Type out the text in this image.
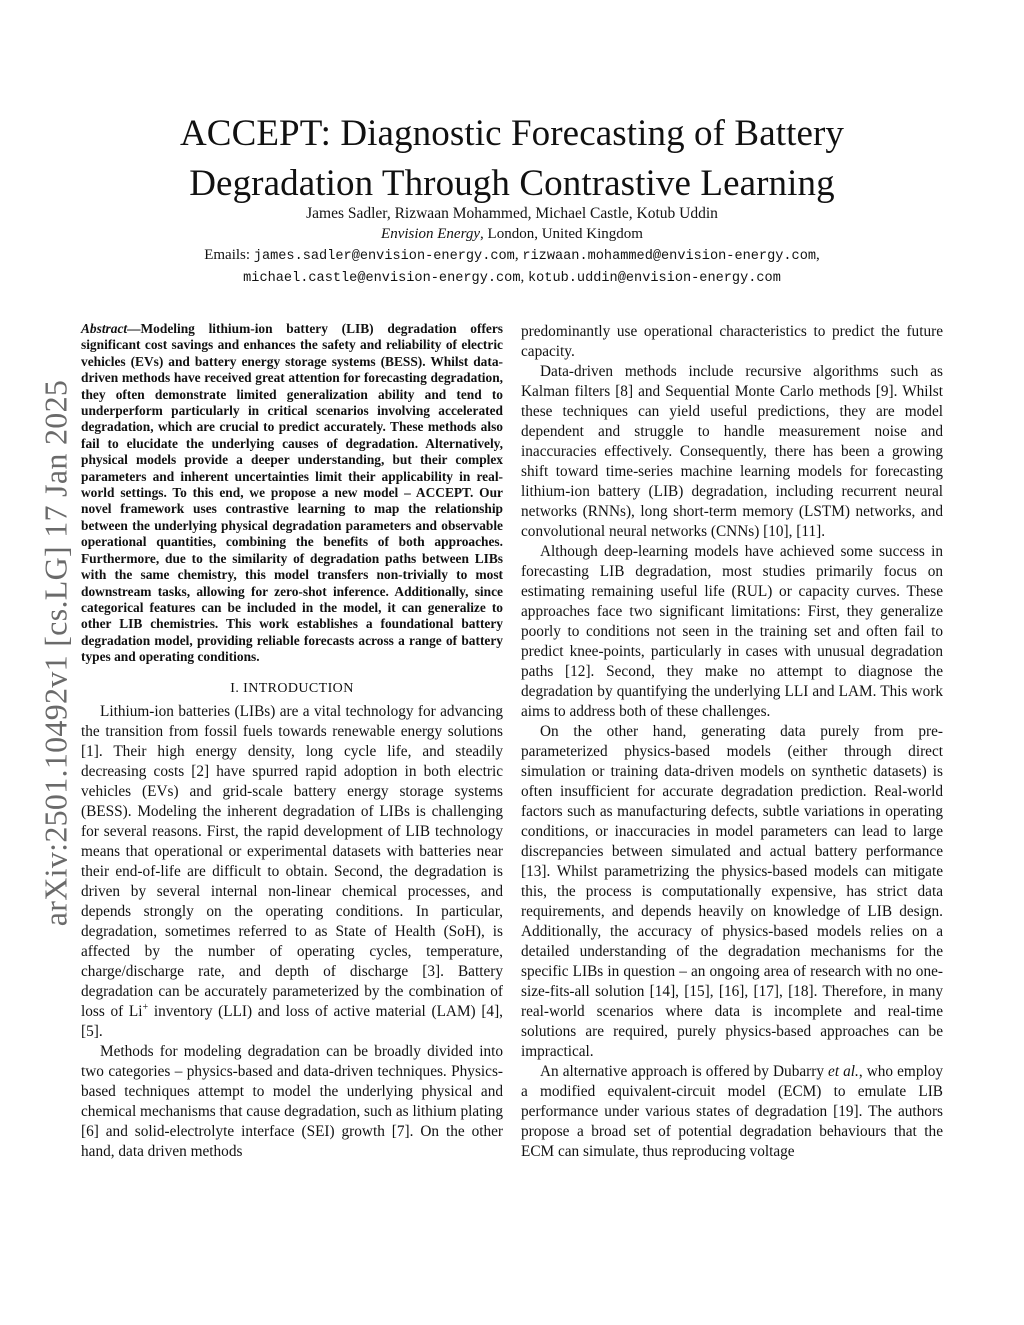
ACCEPT: Diagnostic Forecasting of Battery
Degradation Through Contrastive Learning
James Sadler, Rizwaan Mohammed, Michael Castle, Kotub Uddin
Envision Energy, London, United Kingdom
Emails: james.sadler@envision-energy.com, rizwaan.mohammed@envision-energy.com,
michael.castle@envision-energy.com, kotub.uddin@envision-energy.com
arXiv:2501.10492v1 [cs.LG] 17 Jan 2025

Abstract—Modeling lithium-ion battery (LIB) degradation offers significant cost savings and enhances the safety and reliability of electric vehicles (EVs) and battery energy storage systems (BESS). Whilst data-driven methods have received great attention for forecasting degradation, they often demonstrate limited generalization ability and tend to underperform particularly in critical scenarios involving accelerated degradation, which are crucial to predict accurately. These methods also fail to elucidate the underlying causes of degradation. Alternatively, physical models provide a deeper understanding, but their complex parameters and inherent uncertainties limit their applicability in real-world settings. To this end, we propose a new model – ACCEPT. Our novel framework uses contrastive learning to map the relationship between the underlying physical degradation parameters and observable operational quantities, combining the benefits of both approaches. Furthermore, due to the similarity of degradation paths between LIBs with the same chemistry, this model transfers non-trivially to most downstream tasks, allowing for zero-shot inference. Additionally, since categorical features can be included in the model, it can generalize to other LIB chemistries. This work establishes a foundational battery degradation model, providing reliable forecasts across a range of battery types and operating conditions.

I. INTRODUCTION

Lithium-ion batteries (LIBs) are a vital technology for advancing the transition from fossil fuels towards renewable energy solutions [1]. Their high energy density, long cycle life, and steadily decreasing costs [2] have spurred rapid adoption in both electric vehicles (EVs) and grid-scale battery energy storage systems (BESS). Modeling the inherent degradation of LIBs is challenging for several reasons. First, the rapid development of LIB technology means that operational or experimental datasets with batteries near their end-of-life are difficult to obtain. Second, the degradation is driven by several internal non-linear chemical processes, and depends strongly on the operating conditions. In particular, degradation, sometimes referred to as State of Health (SoH), is affected by the number of operating cycles, temperature, charge/discharge rate, and depth of discharge [3]. Battery degradation can be accurately parameterized by the combination of loss of Li+ inventory (LLI) and loss of active material (LAM) [4], [5].

Methods for modeling degradation can be broadly divided into two categories – physics-based and data-driven techniques. Physics-based techniques attempt to model the underlying physical and chemical mechanisms that cause degradation, such as lithium plating [6] and solid-electrolyte interface (SEI) growth [7]. On the other hand, data driven methods

predominantly use operational characteristics to predict the future capacity.

Data-driven methods include recursive algorithms such as Kalman filters [8] and Sequential Monte Carlo methods [9]. Whilst these techniques can yield useful predictions, they are model dependent and struggle to handle measurement noise and inaccuracies effectively. Consequently, there has been a growing shift toward time-series machine learning models for forecasting lithium-ion battery (LIB) degradation, including recurrent neural networks (RNNs), long short-term memory (LSTM) networks, and convolutional neural networks (CNNs) [10], [11].

Although deep-learning models have achieved some success in forecasting LIB degradation, most studies primarily focus on estimating remaining useful life (RUL) or capacity curves. These approaches face two significant limitations: First, they generalize poorly to conditions not seen in the training set and often fail to predict knee-points, particularly in cases with unusual degradation paths [12]. Second, they make no attempt to diagnose the degradation by quantifying the underlying LLI and LAM. This work aims to address both of these challenges.

On the other hand, generating data purely from pre-parameterized physics-based models (either through direct simulation or training data-driven models on synthetic datasets) is often insufficient for accurate degradation prediction. Real-world factors such as manufacturing defects, subtle variations in operating conditions, or inaccuracies in model parameters can lead to large discrepancies between simulated and actual battery performance [13]. Whilst parametrizing the physics-based models can mitigate this, the process is computationally expensive, has strict data requirements, and depends heavily on knowledge of LIB design. Additionally, the accuracy of physics-based models relies on a detailed understanding of the degradation mechanisms for the specific LIBs in question – an ongoing area of research with no one-size-fits-all solution [14], [15], [16], [17], [18]. Therefore, in many real-world scenarios where data is incomplete and real-time solutions are required, purely physics-based approaches can be impractical.

An alternative approach is offered by Dubarry et al., who employ a modified equivalent-circuit model (ECM) to emulate LIB performance under various states of degradation [19]. The authors propose a broad set of potential degradation behaviours that the ECM can simulate, thus reproducing voltage
